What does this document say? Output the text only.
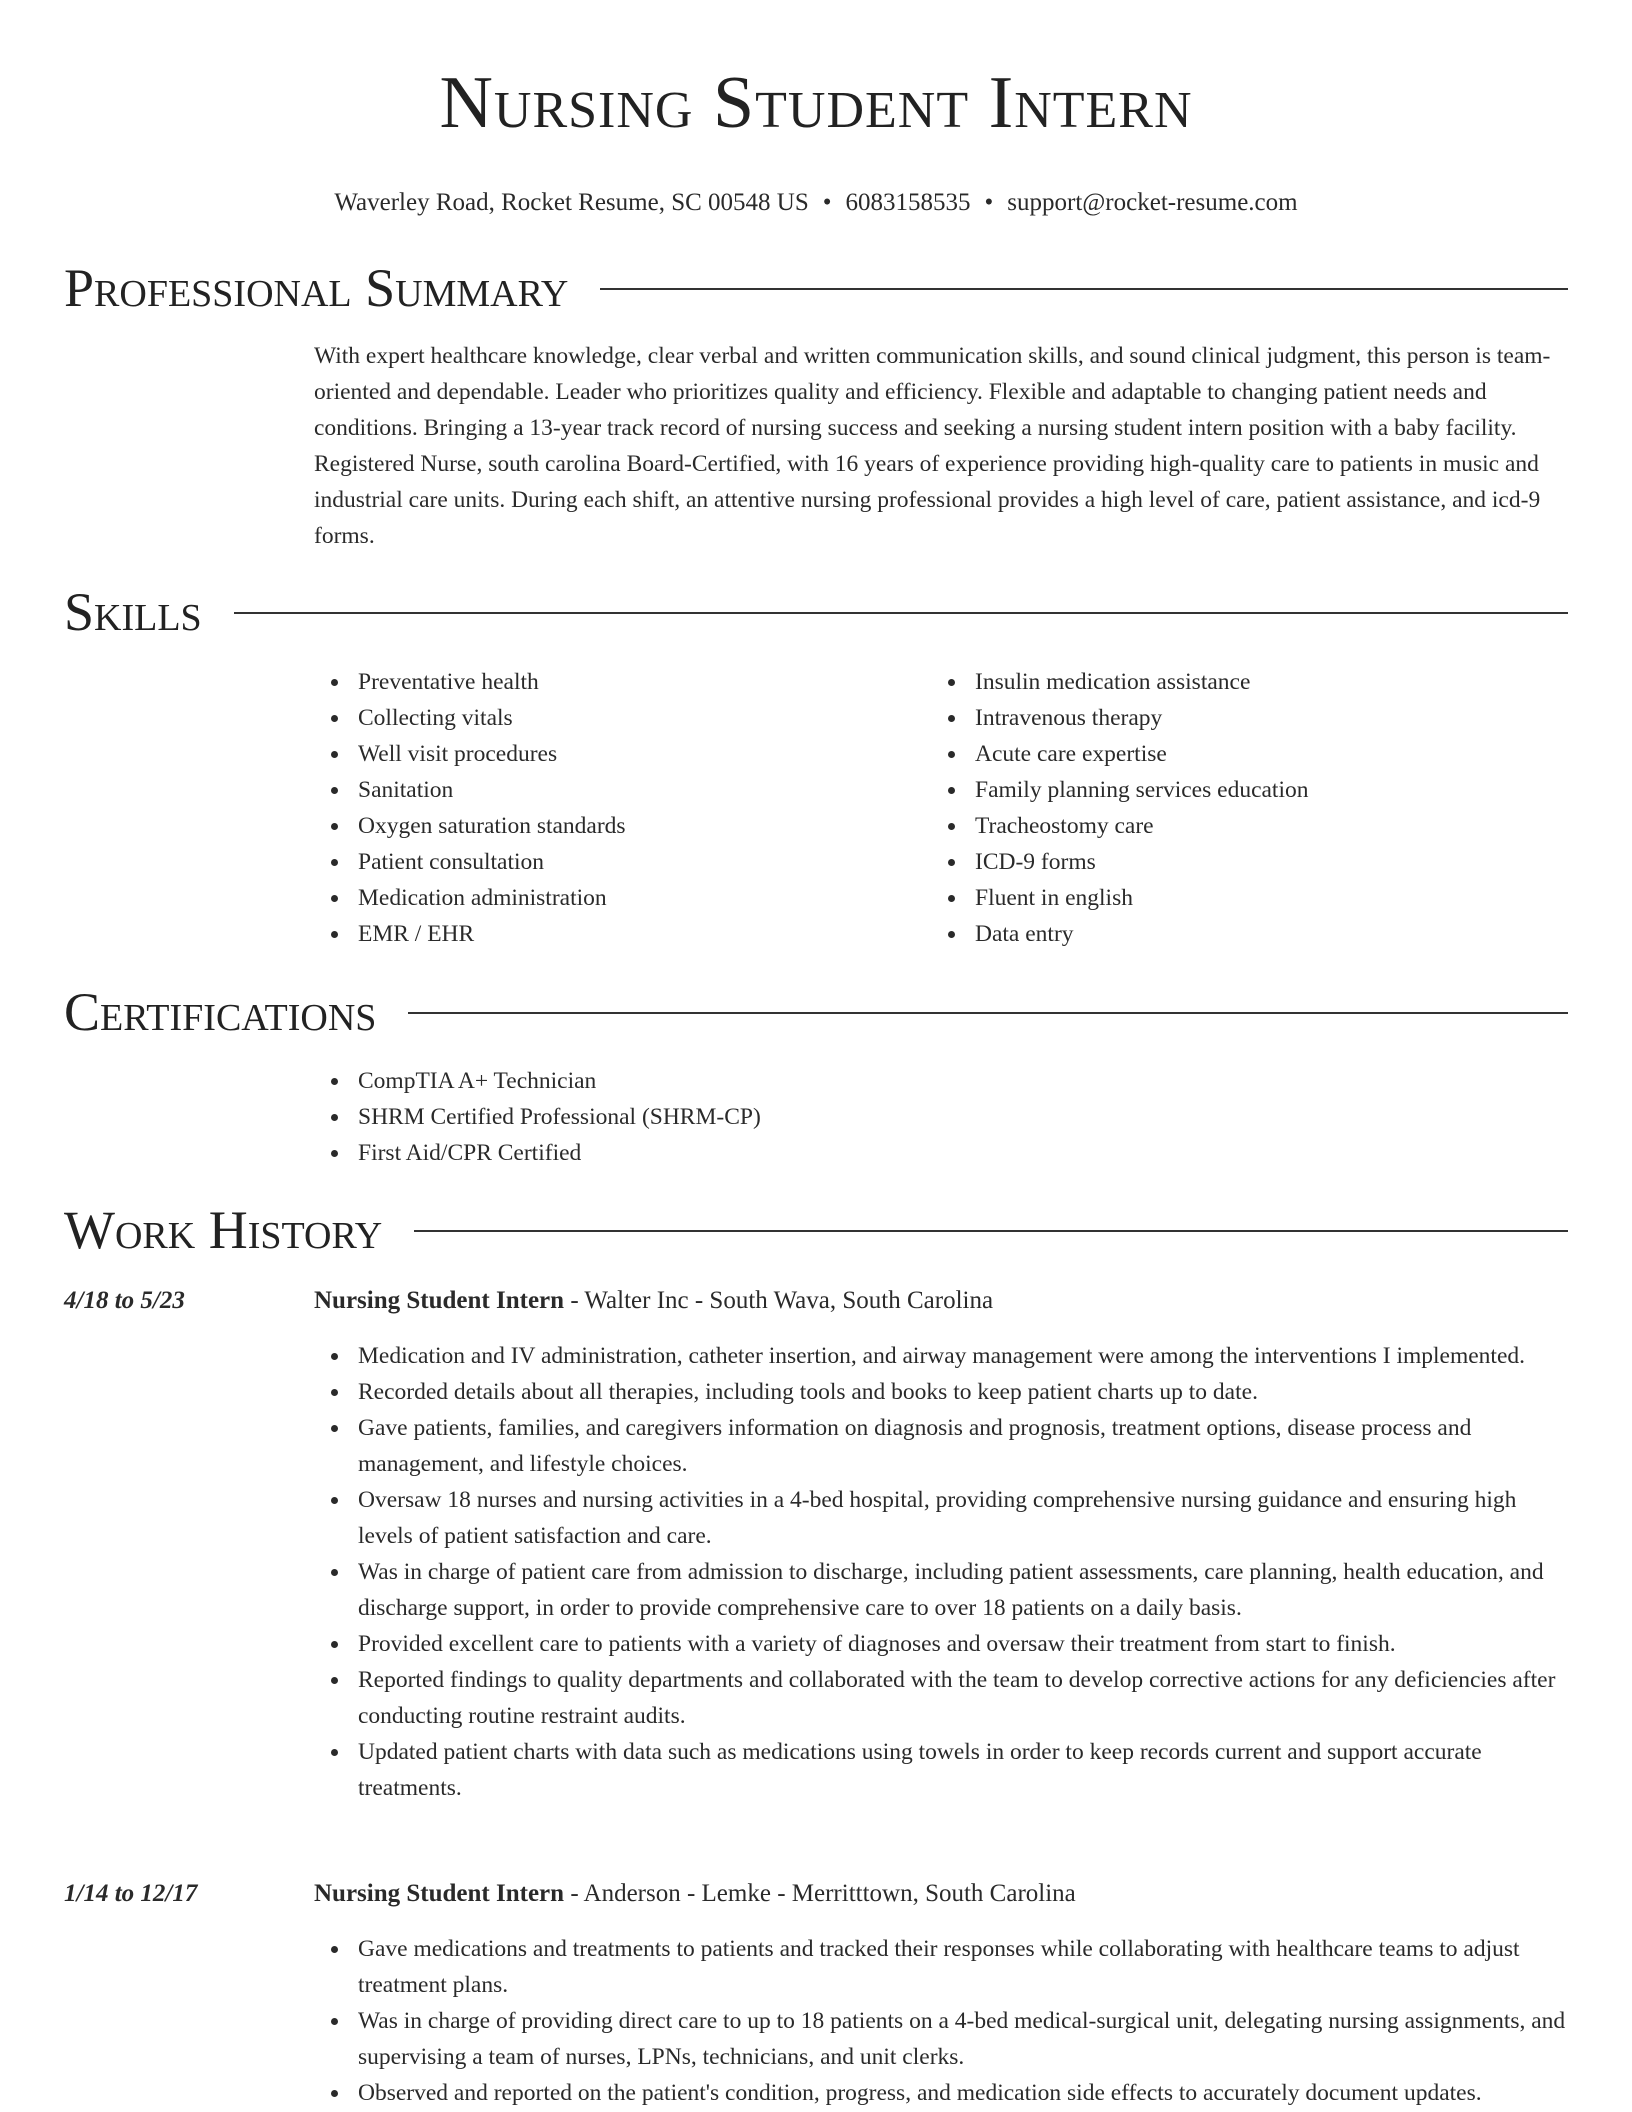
Nursing Student Intern
Waverley Road, Rocket Resume, SC 00548 US • 6083158535 • support@rocket-resume.com
Professional Summary
With expert healthcare knowledge, clear verbal and written communication skills, and sound clinical judgment, this person is team-oriented and dependable. Leader who prioritizes quality and efficiency. Flexible and adaptable to changing patient needs and conditions. Bringing a 13-year track record of nursing success and seeking a nursing student intern position with a baby facility. Registered Nurse, south carolina Board-Certified, with 16 years of experience providing high-quality care to patients in music and industrial care units. During each shift, an attentive nursing professional provides a high level of care, patient assistance, and icd-9 forms.
Skills
Preventative health
Collecting vitals
Well visit procedures
Sanitation
Oxygen saturation standards
Patient consultation
Medication administration
EMR / EHR
Insulin medication assistance
Intravenous therapy
Acute care expertise
Family planning services education
Tracheostomy care
ICD-9 forms
Fluent in english
Data entry
Certifications
CompTIA A+ Technician
SHRM Certified Professional (SHRM-CP)
First Aid/CPR Certified
Work History
4/18 to 5/23	Nursing Student Intern - Walter Inc - South Wava, South Carolina
Medication and IV administration, catheter insertion, and airway management were among the interventions I implemented.
Recorded details about all therapies, including tools and books to keep patient charts up to date.
Gave patients, families, and caregivers information on diagnosis and prognosis, treatment options, disease process and management, and lifestyle choices.
Oversaw 18 nurses and nursing activities in a 4-bed hospital, providing comprehensive nursing guidance and ensuring high levels of patient satisfaction and care.
Was in charge of patient care from admission to discharge, including patient assessments, care planning, health education, and discharge support, in order to provide comprehensive care to over 18 patients on a daily basis.
Provided excellent care to patients with a variety of diagnoses and oversaw their treatment from start to finish.
Reported findings to quality departments and collaborated with the team to develop corrective actions for any deficiencies after conducting routine restraint audits.
Updated patient charts with data such as medications using towels in order to keep records current and support accurate treatments.
1/14 to 12/17	Nursing Student Intern - Anderson - Lemke - Merritttown, South Carolina
Gave medications and treatments to patients and tracked their responses while collaborating with healthcare teams to adjust treatment plans.
Was in charge of providing direct care to up to 18 patients on a 4-bed medical-surgical unit, delegating nursing assignments, and supervising a team of nurses, LPNs, technicians, and unit clerks.
Observed and reported on the patient's condition, progress, and medication side effects to accurately document updates.
